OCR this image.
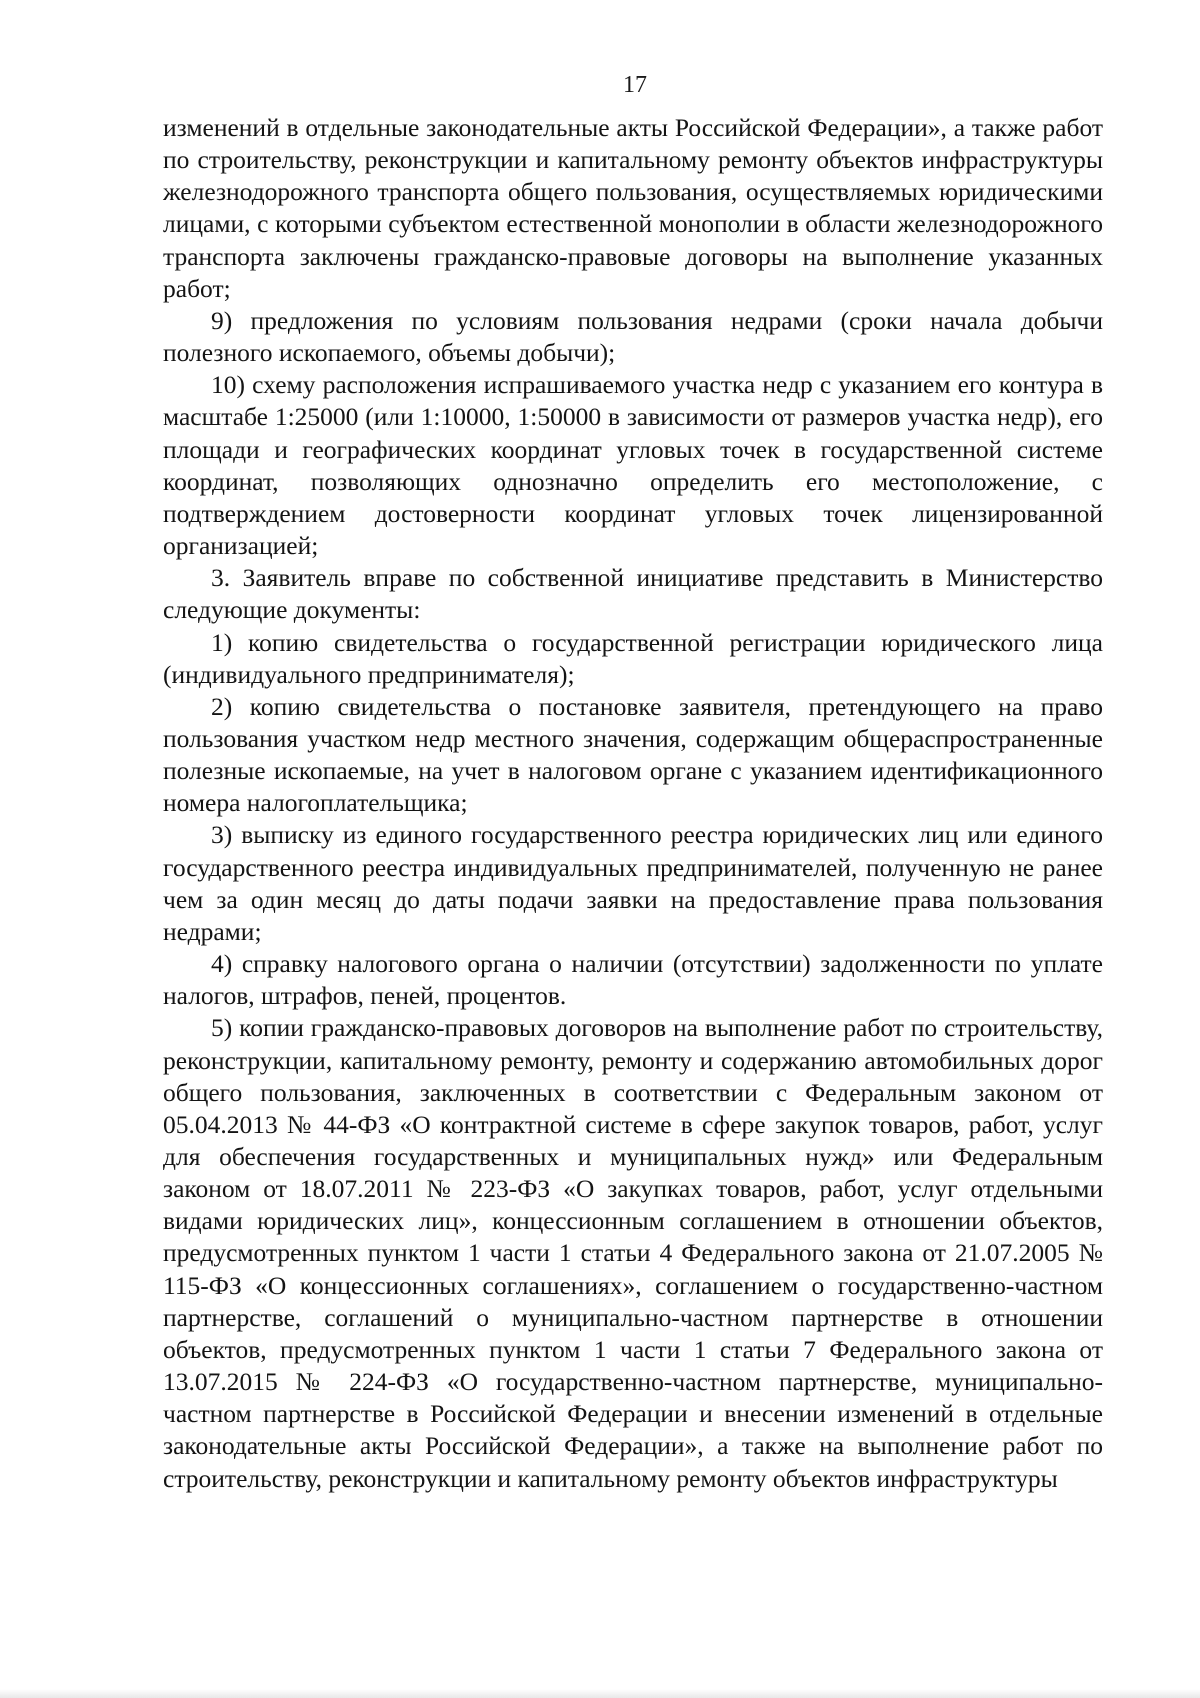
17

изменений в отдельные законодательные акты Российской Федерации», а также работ по строительству, реконструкции и капитальному ремонту объектов инфраструктуры железнодорожного транспорта общего пользования, осуществляемых юридическими лицами, с которыми субъектом естественной монополии в области железнодорожного транспорта заключены гражданско-правовые договоры на выполнение указанных работ;

9) предложения по условиям пользования недрами (сроки начала добычи полезного ископаемого, объемы добычи);

10) схему расположения испрашиваемого участка недр с указанием его контура в масштабе 1:25000 (или 1:10000, 1:50000 в зависимости от размеров участка недр), его площади и географических координат угловых точек в государственной системе координат, позволяющих однозначно определить его местоположение, с подтверждением достоверности координат угловых точек лицензированной организацией;

3. Заявитель вправе по собственной инициативе представить в Министерство следующие документы:

1) копию свидетельства о государственной регистрации юридического лица (индивидуального предпринимателя);

2) копию свидетельства о постановке заявителя, претендующего на право пользования участком недр местного значения, содержащим общераспространенные полезные ископаемые, на учет в налоговом органе с указанием идентификационного номера налогоплательщика;

3) выписку из единого государственного реестра юридических лиц или единого государственного реестра индивидуальных предпринимателей, полученную не ранее чем за один месяц до даты подачи заявки на предоставление права пользования недрами;

4) справку налогового органа о наличии (отсутствии) задолженности по уплате налогов, штрафов, пеней, процентов.

5) копии гражданско-правовых договоров на выполнение работ по строительству, реконструкции, капитальному ремонту, ремонту и содержанию автомобильных дорог общего пользования, заключенных в соответствии с Федеральным законом от 05.04.2013 № 44-ФЗ «О контрактной системе в сфере закупок товаров, работ, услуг для обеспечения государственных и муниципальных нужд» или Федеральным законом от 18.07.2011 № 223-ФЗ «О закупках товаров, работ, услуг отдельными видами юридических лиц», концессионным соглашением в отношении объектов, предусмотренных пунктом 1 части 1 статьи 4 Федерального закона от 21.07.2005 № 115-ФЗ «О концессионных соглашениях», соглашением о государственно-частном партнерстве, соглашений о муниципально-частном партнерстве в отношении объектов, предусмотренных пунктом 1 части 1 статьи 7 Федерального закона от 13.07.2015 № 224-ФЗ «О государственно-частном партнерстве, муниципально-частном партнерстве в Российской Федерации и внесении изменений в отдельные законодательные акты Российской Федерации», а также на выполнение работ по строительству, реконструкции и капитальному ремонту объектов инфраструктуры
